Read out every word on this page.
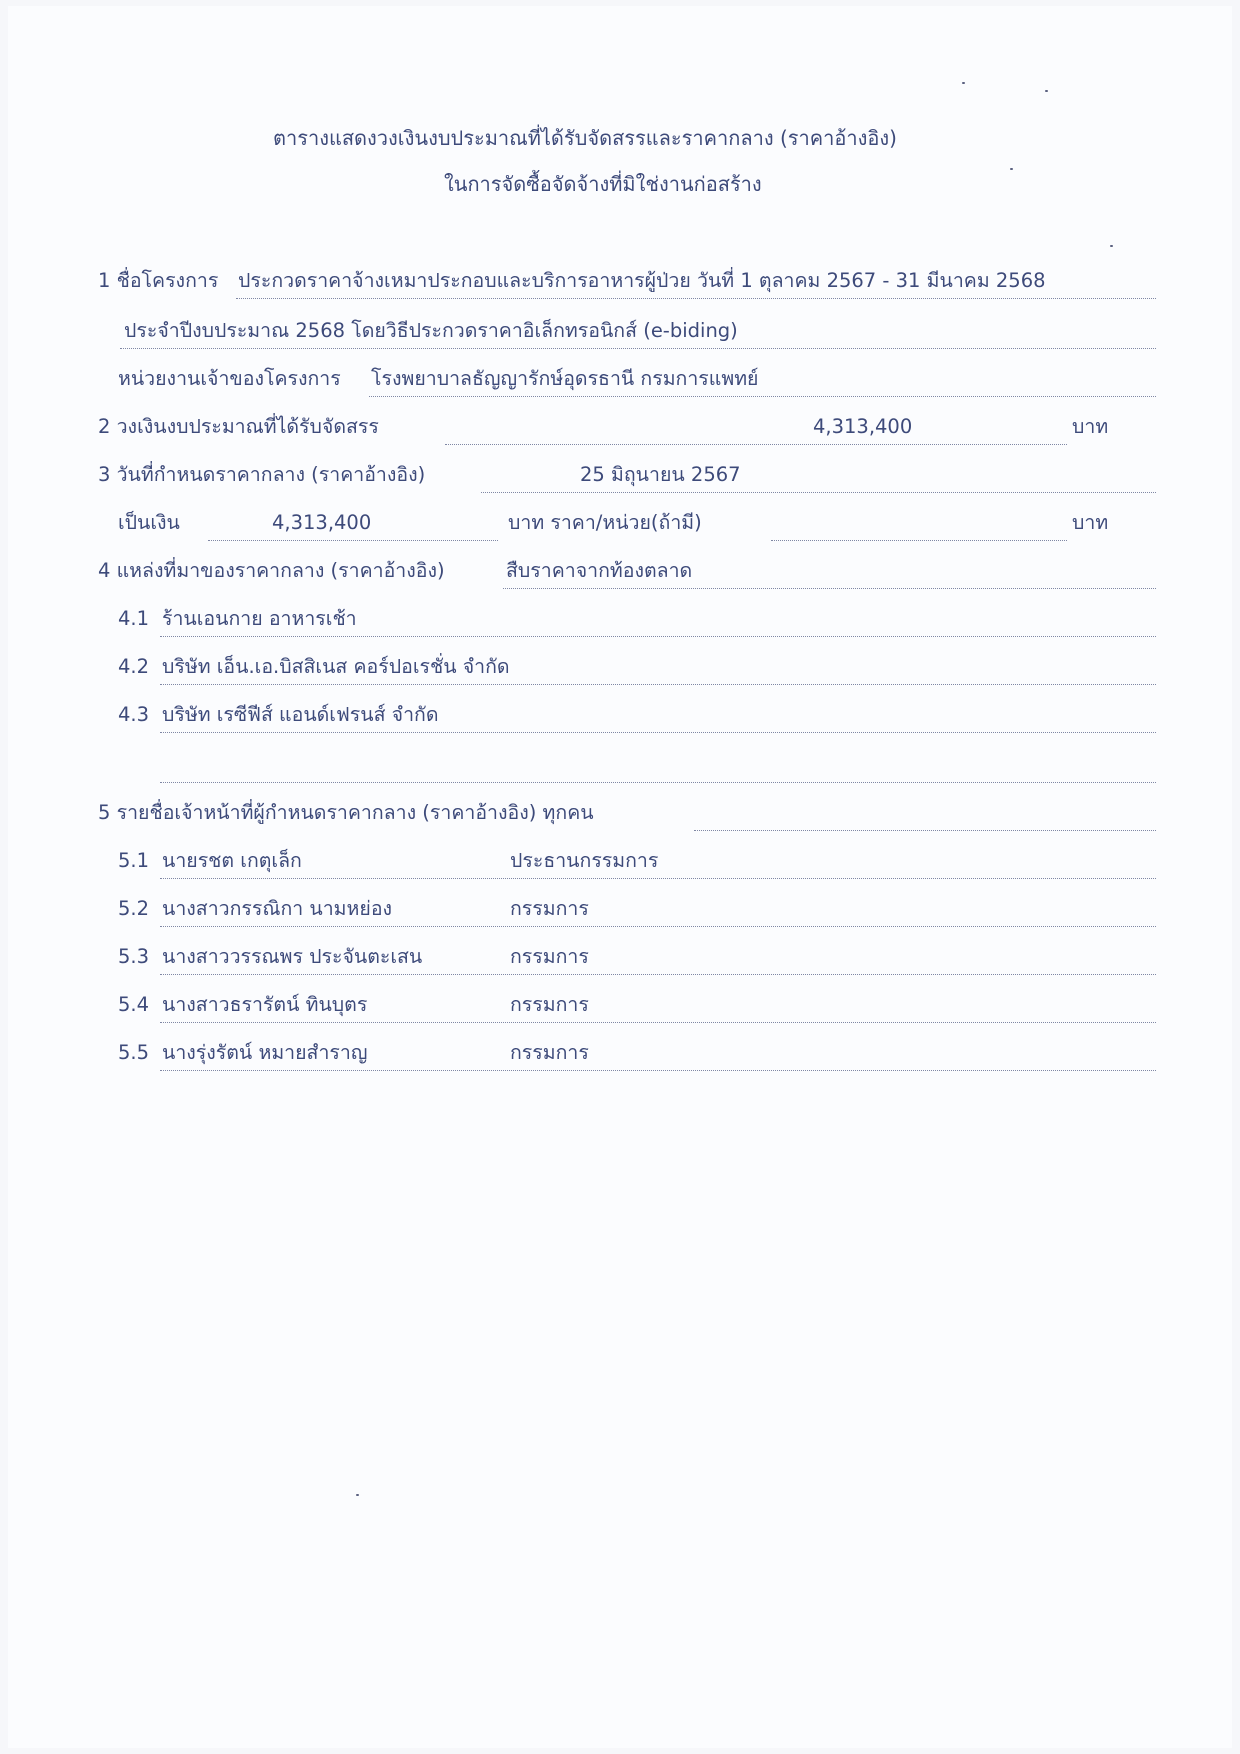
ตารางแสดงวงเงินงบประมาณที่ได้รับจัดสรรและราคากลาง (ราคาอ้างอิง)
ในการจัดซื้อจัดจ้างที่มิใช่งานก่อสร้าง
1 ชื่อโครงการ ประกวดราคาจ้างเหมาประกอบและบริการอาหารผู้ป่วย วันที่ 1 ตุลาคม 2567 - 31 มีนาคม 2568
ประจำปีงบประมาณ 2568 โดยวิธีประกวดราคาอิเล็กทรอนิกส์ (e-biding)
หน่วยงานเจ้าของโครงการ โรงพยาบาลธัญญารักษ์อุดรธานี กรมการแพทย์
2 วงเงินงบประมาณที่ได้รับจัดสรร	4,313,400	บาท
3 วันที่กำหนดราคากลาง (ราคาอ้างอิง)	25 มิถุนายน 2567
เป็นเงิน	4,313,400	บาท ราคา/หน่วย(ถ้ามี)	บาท
4 แหล่งที่มาของราคากลาง (ราคาอ้างอิง)	สืบราคาจากท้องตลาด
4.1 ร้านเอนกาย อาหารเช้า
4.2 บริษัท เอ็น.เอ.บิสสิเนส คอร์ปอเรชั่น จำกัด
4.3 บริษัท เรซีฟีส์ แอนด์เฟรนส์ จำกัด
5 รายชื่อเจ้าหน้าที่ผู้กำหนดราคากลาง (ราคาอ้างอิง) ทุกคน
5.1 นายรชต เกตุเล็ก	ประธานกรรมการ
5.2 นางสาวกรรณิกา นามหย่อง	กรรมการ
5.3 นางสาววรรณพร ประจันตะเสน	กรรมการ
5.4 นางสาวธรารัตน์ ทินบุตร	กรรมการ
5.5 นางรุ่งรัตน์ หมายสำราญ	กรรมการ
